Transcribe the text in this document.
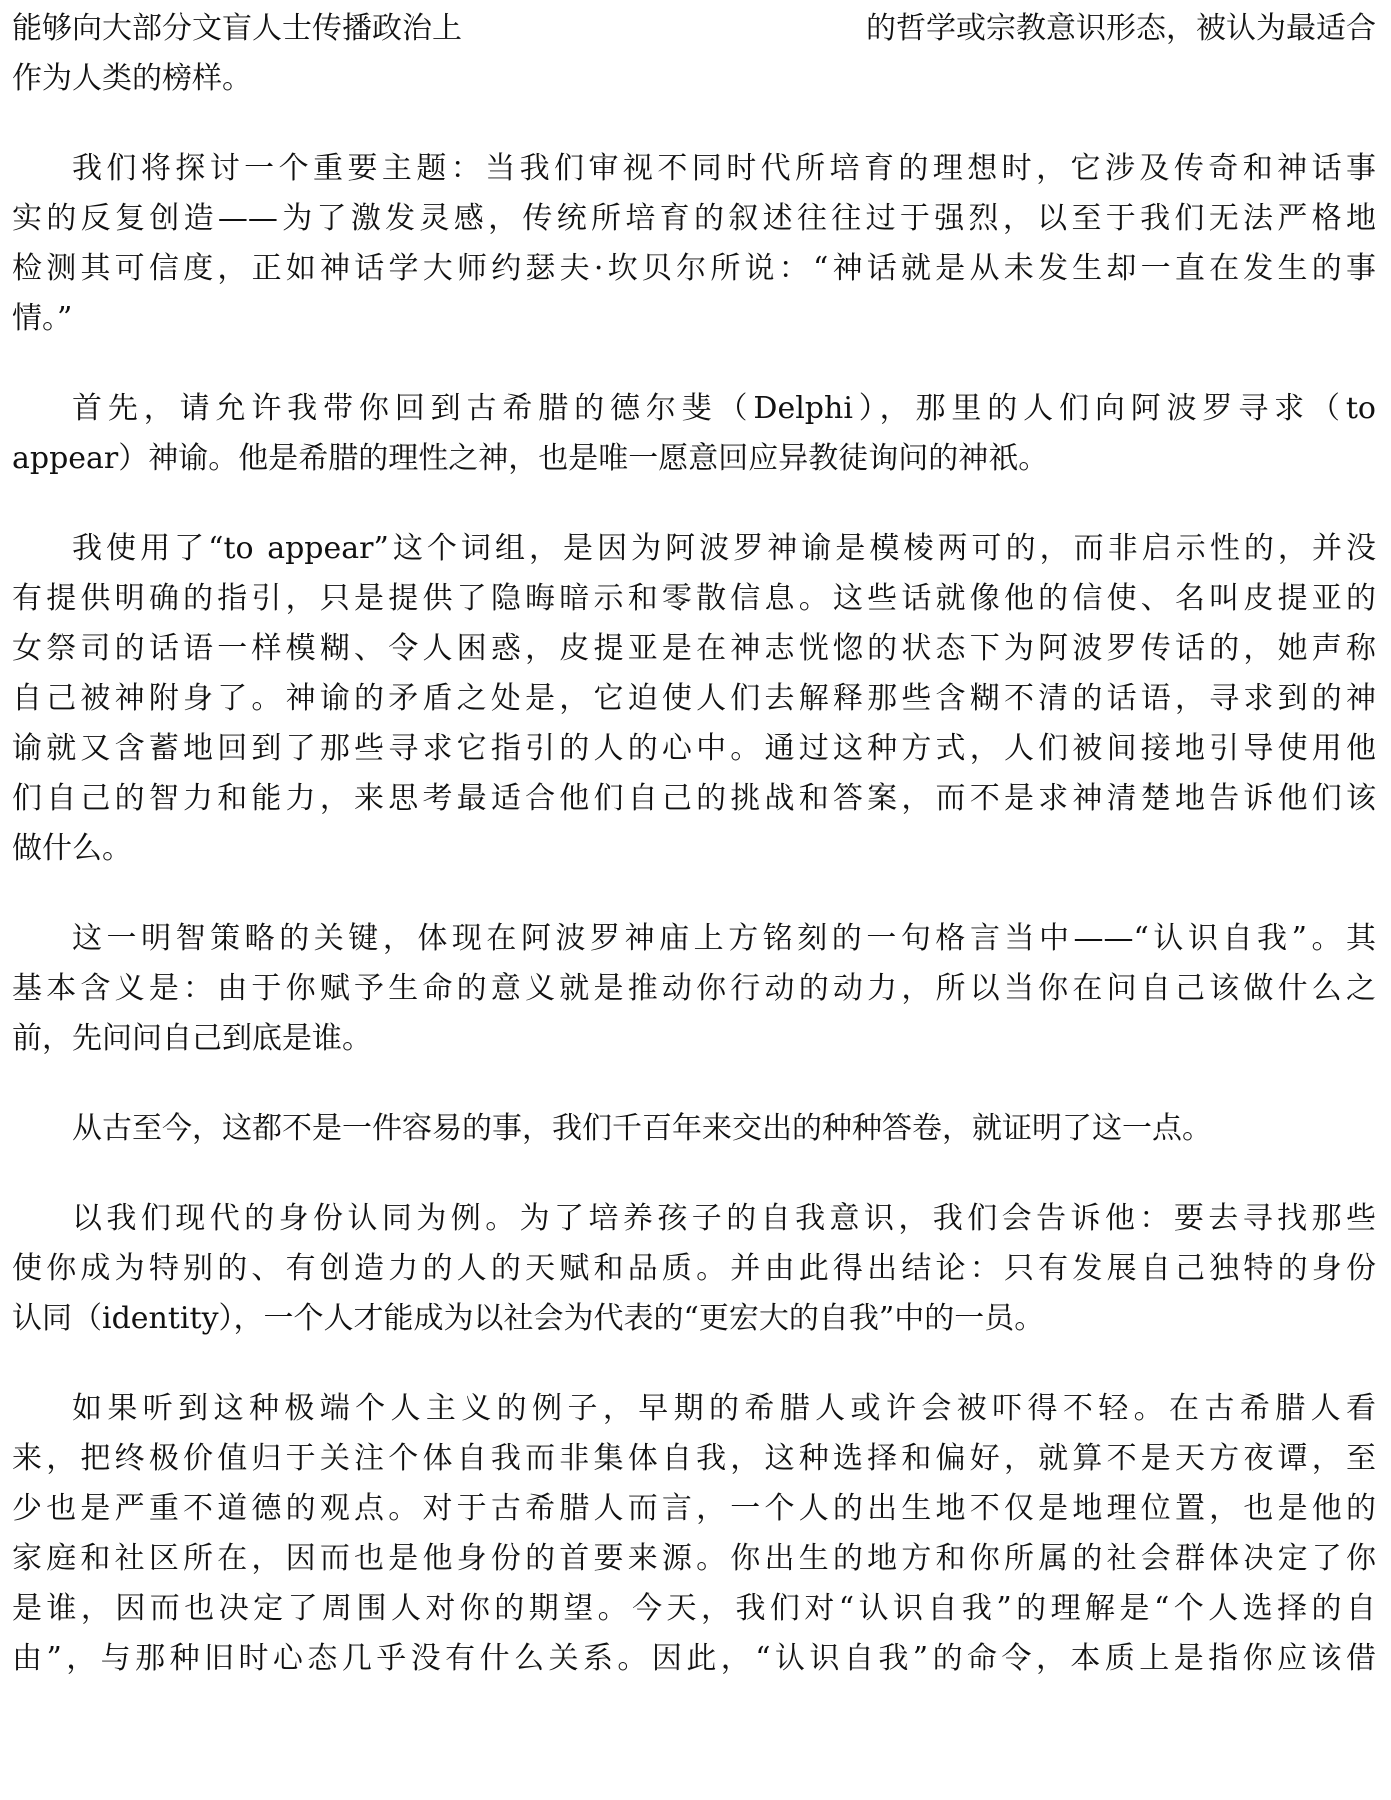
能够向大部分文盲人士传播政治上	的哲学或宗教意识形态，被认为最适合
作为人类的榜样。
我们将探讨一个重要主题：当我们审视不同时代所培育的理想时，它涉及传奇和神话事
实的反复创造——为了激发灵感，传统所培育的叙述往往过于强烈，以至于我们无法严格地
检测其可信度，正如神话学大师约瑟夫·坎贝尔所说：“神话就是从未发生却一直在发生的事
情。”
首先，请允许我带你回到古希腊的德尔斐（Delphi），那里的人们向阿波罗寻求（to
appear）神谕。他是希腊的理性之神，也是唯一愿意回应异教徒询问的神祇。
我使用了“to appear”这个词组，是因为阿波罗神谕是模棱两可的，而非启示性的，并没
有提供明确的指引，只是提供了隐晦暗示和零散信息。这些话就像他的信使、名叫皮提亚的
女祭司的话语一样模糊、令人困惑，皮提亚是在神志恍惚的状态下为阿波罗传话的，她声称
自己被神附身了。神谕的矛盾之处是，它迫使人们去解释那些含糊不清的话语，寻求到的神
谕就又含蓄地回到了那些寻求它指引的人的心中。通过这种方式，人们被间接地引导使用他
们自己的智力和能力，来思考最适合他们自己的挑战和答案，而不是求神清楚地告诉他们该
做什么。
这一明智策略的关键，体现在阿波罗神庙上方铭刻的一句格言当中——“认识自我”。其
基本含义是：由于你赋予生命的意义就是推动你行动的动力，所以当你在问自己该做什么之
前，先问问自己到底是谁。
从古至今，这都不是一件容易的事，我们千百年来交出的种种答卷，就证明了这一点。
以我们现代的身份认同为例。为了培养孩子的自我意识，我们会告诉他：要去寻找那些
使你成为特别的、有创造力的人的天赋和品质。并由此得出结论：只有发展自己独特的身份
认同（identity），一个人才能成为以社会为代表的“更宏大的自我”中的一员。
如果听到这种极端个人主义的例子，早期的希腊人或许会被吓得不轻。在古希腊人看
来，把终极价值归于关注个体自我而非集体自我，这种选择和偏好，就算不是天方夜谭，至
少也是严重不道德的观点。对于古希腊人而言，一个人的出生地不仅是地理位置，也是他的
家庭和社区所在，因而也是他身份的首要来源。你出生的地方和你所属的社会群体决定了你
是谁，因而也决定了周围人对你的期望。今天，我们对“认识自我”的理解是“个人选择的自
由”，与那种旧时心态几乎没有什么关系。因此，“认识自我”的命令，本质上是指你应该借
